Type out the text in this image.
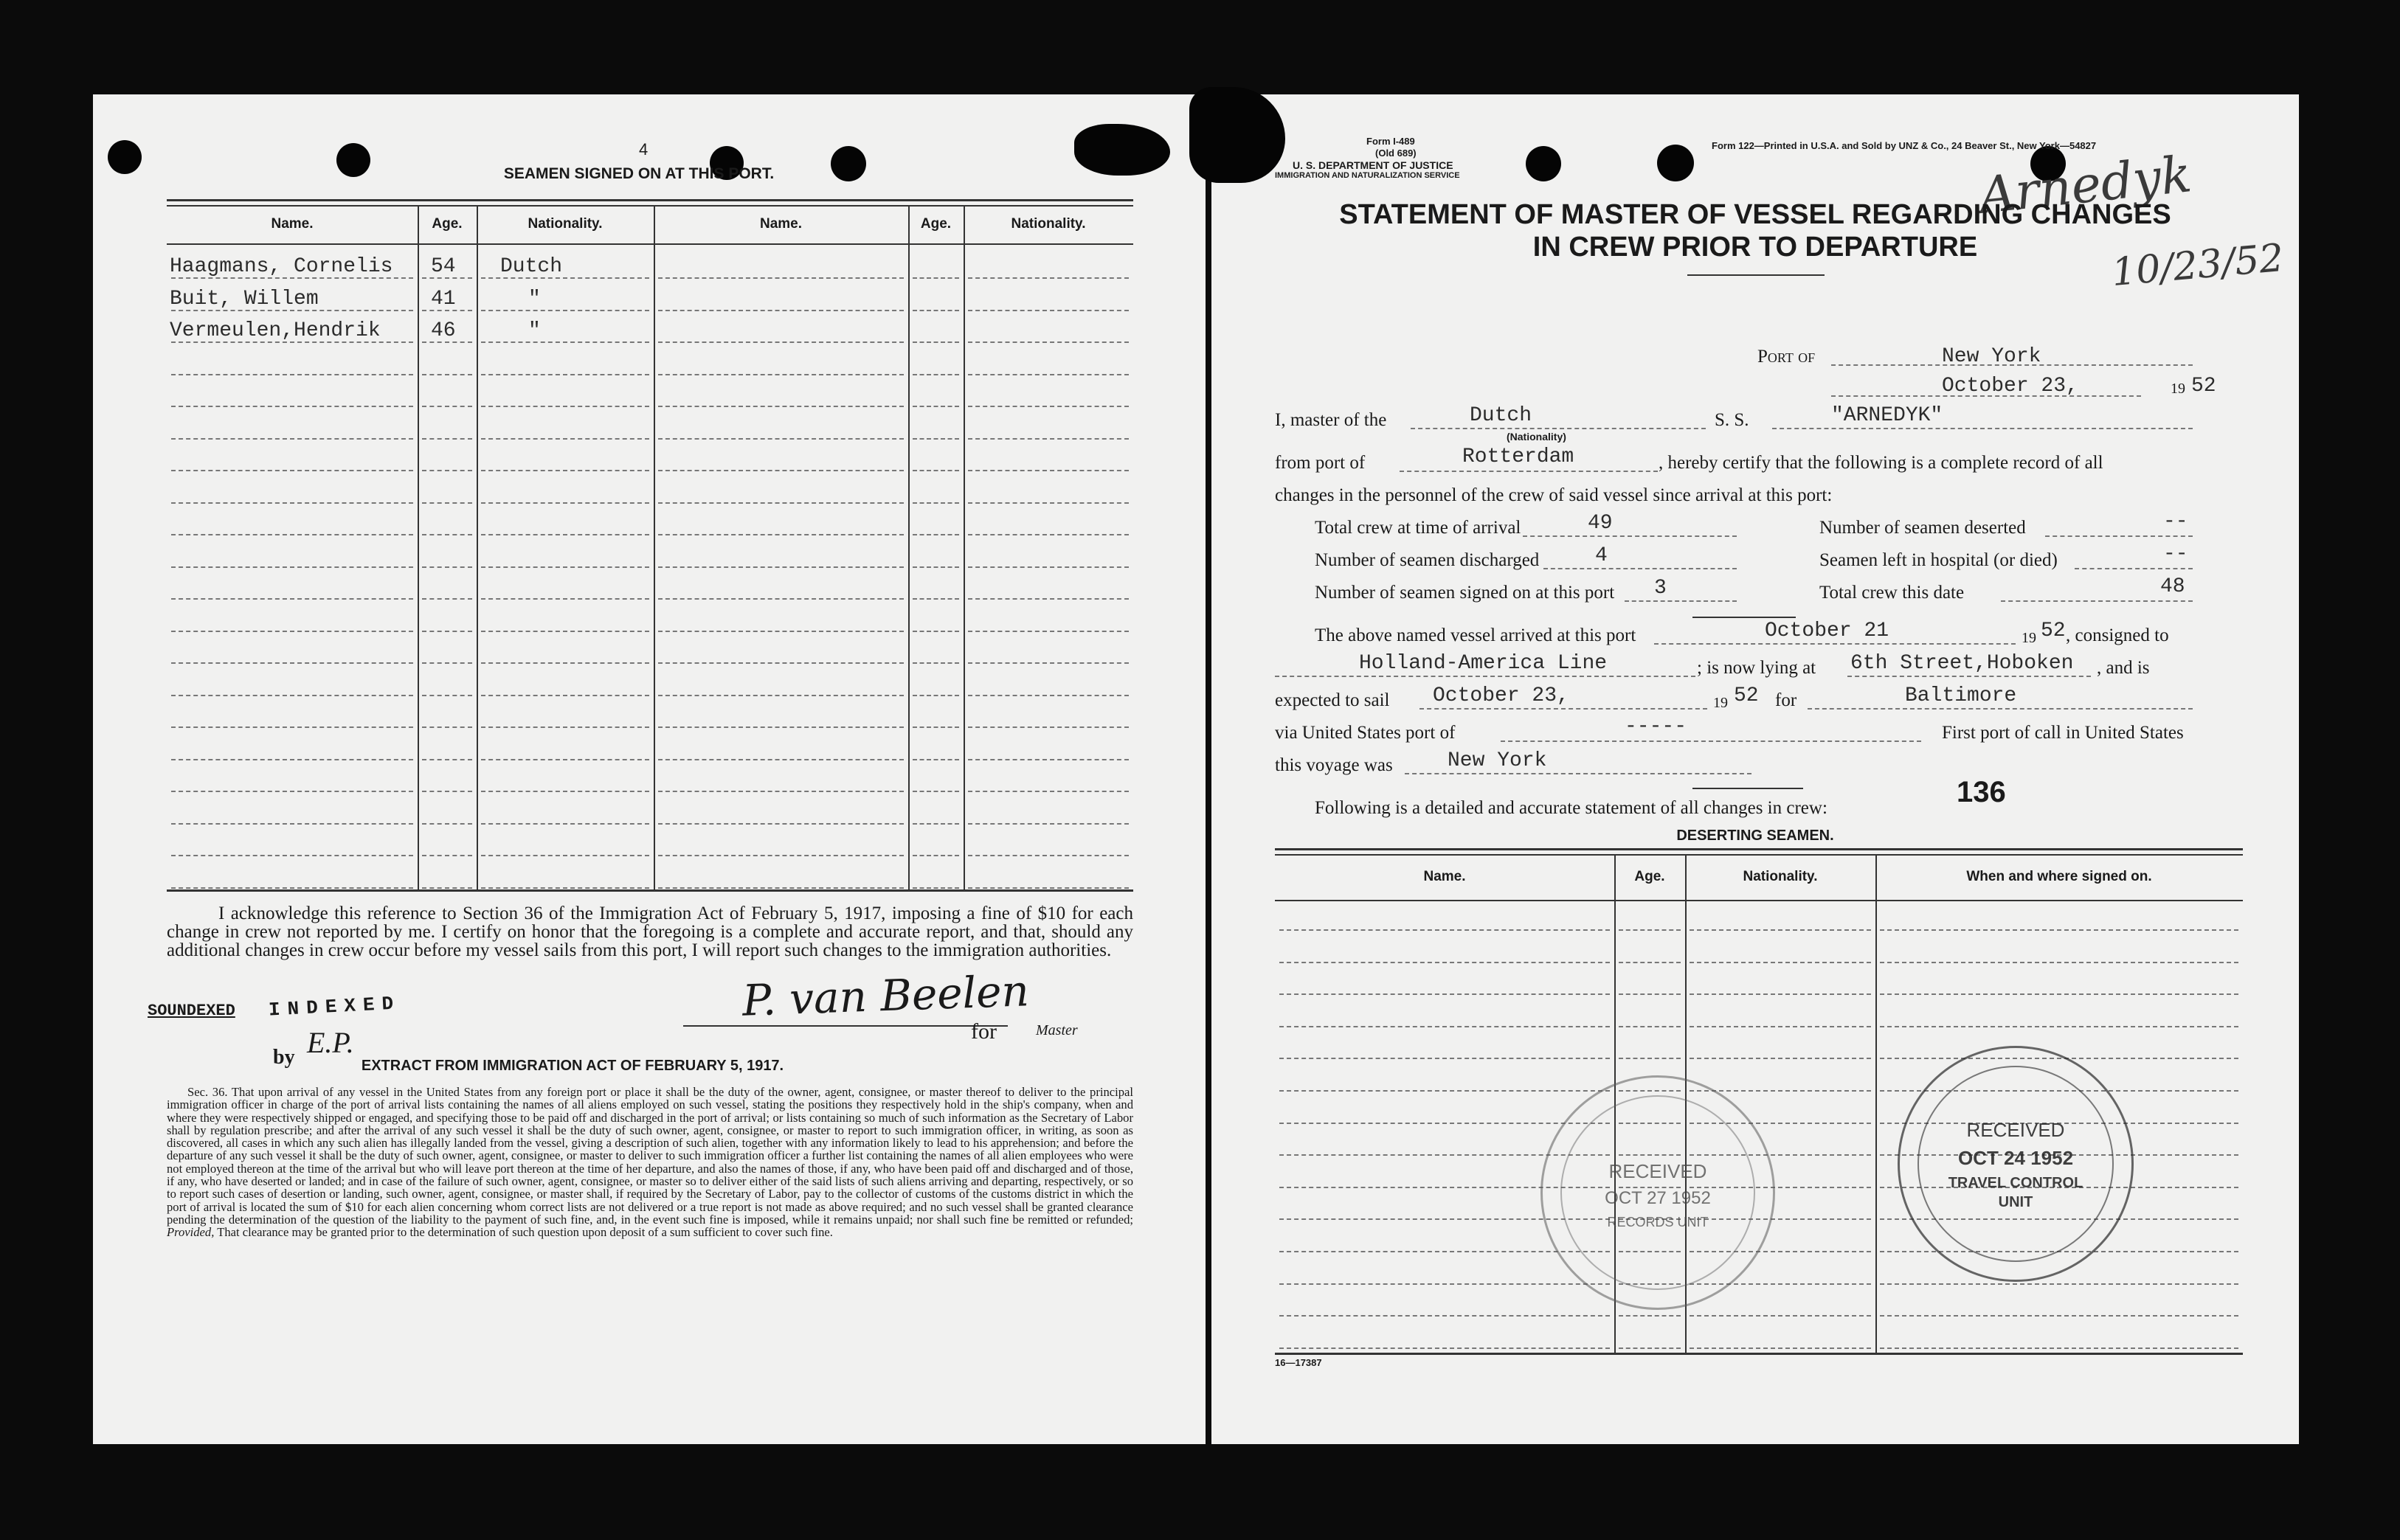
4
SEAMEN SIGNED ON AT THIS PORT.
Name.	Age.	Nationality.	Name.	Age.	Nationality.
Haagmans, Cornelis 54 Dutch
Buit, Willem	41	"
Vermeulen,Hendrik 46	"
I acknowledge this reference to Section 36 of the Immigration Act of February 5, 1917, imposing a fine of $10 for each change in crew not reported by me. I certify on honor that the foregoing is a complete and accurate report, and that, should any additional changes in crew occur before my vessel sails from this port, I will report such changes to the immigration authorities.
SOUNDEXED INDEXED
by E.P.
P. van Beelen
for	Master
EXTRACT FROM IMMIGRATION ACT OF FEBRUARY 5, 1917.
Sec. 36. That upon arrival of any vessel in the United States from any foreign port or place it shall be the duty of the owner, agent, consignee, or master thereof to deliver to the principal immigration officer in charge of the port of arrival lists containing the names of all aliens employed on such vessel, stating the positions they respectively hold in the ship's company, when and where they were respectively shipped or engaged, and specifying those to be paid off and discharged in the port of arrival; or lists containing so much of such information as the Secretary of Labor shall by regulation prescribe; and after the arrival of any such vessel it shall be the duty of such owner, agent, consignee, or master to report to such immigration officer, in writing, as soon as discovered, all cases in which any such alien has illegally landed from the vessel, giving a description of such alien, together with any information likely to lead to his apprehension; and before the departure of any such vessel it shall be the duty of such owner, agent, consignee, or master to deliver to such immigration officer a further list containing the names of all alien employees who were not employed thereon at the time of the arrival but who will leave port thereon at the time of her departure, and also the names of those, if any, who have been paid off and discharged and of those, if any, who have deserted or landed; and in case of the failure of such owner, agent, consignee, or master so to deliver either of the said lists of such aliens arriving and departing, respectively, or so to report such cases of desertion or landing, such owner, agent, consignee, or master shall, if required by the Secretary of Labor, pay to the collector of customs of the customs district in which the port of arrival is located the sum of $10 for each alien concerning whom correct lists are not delivered or a true report is not made as above required; and no such vessel shall be granted clearance pending the determination of the question of the liability to the payment of such fine, and, in the event such fine is imposed, while it remains unpaid; nor shall such fine be remitted or refunded; Provided, That clearance may be granted prior to the determination of such question upon deposit of a sum sufficient to cover such fine.
Form I-489
(Old 689)
U. S. DEPARTMENT OF JUSTICE
IMMIGRATION AND NATURALIZATION SERVICE
Form 122—Printed in U.S.A. and Sold by UNZ & Co., 24 Beaver St., New York—54827
Arnedyk
10/23/52
STATEMENT OF MASTER OF VESSEL REGARDING CHANGES
IN CREW PRIOR TO DEPARTURE
Port of	New York
October 23,	19 52
I, master of the	Dutch
(Nationality)
S. S.	"ARNEDYK"
from port of	Rotterdam	, hereby certify that the following is a complete record of all
changes in the personnel of the crew of said vessel since arrival at this port:
Total crew at time of arrival	49
Number of seamen discharged	4
Number of seamen signed on at this port 3
Number of seamen deserted	--
Seamen left in hospital (or died)	--
Total crew this date	48
The above named vessel arrived at this port	October 21	19 52 , consigned to
Holland-America Line	; is now lying at 6th Street,Hoboken , and is
expected to sail October 23,	19 52 for	Baltimore
via United States port of	-----	First port of call in United States
this voyage was	New York
Following is a detailed and accurate statement of all changes in crew:	136
DESERTING SEAMEN.
Name.	Age.	Nationality.	When and where signed on.
RECEIVED
OCT 27 1952
RECORDS UNIT
RECEIVED
OCT 24 1952
TRAVEL CONTROL
UNIT
16—17387
